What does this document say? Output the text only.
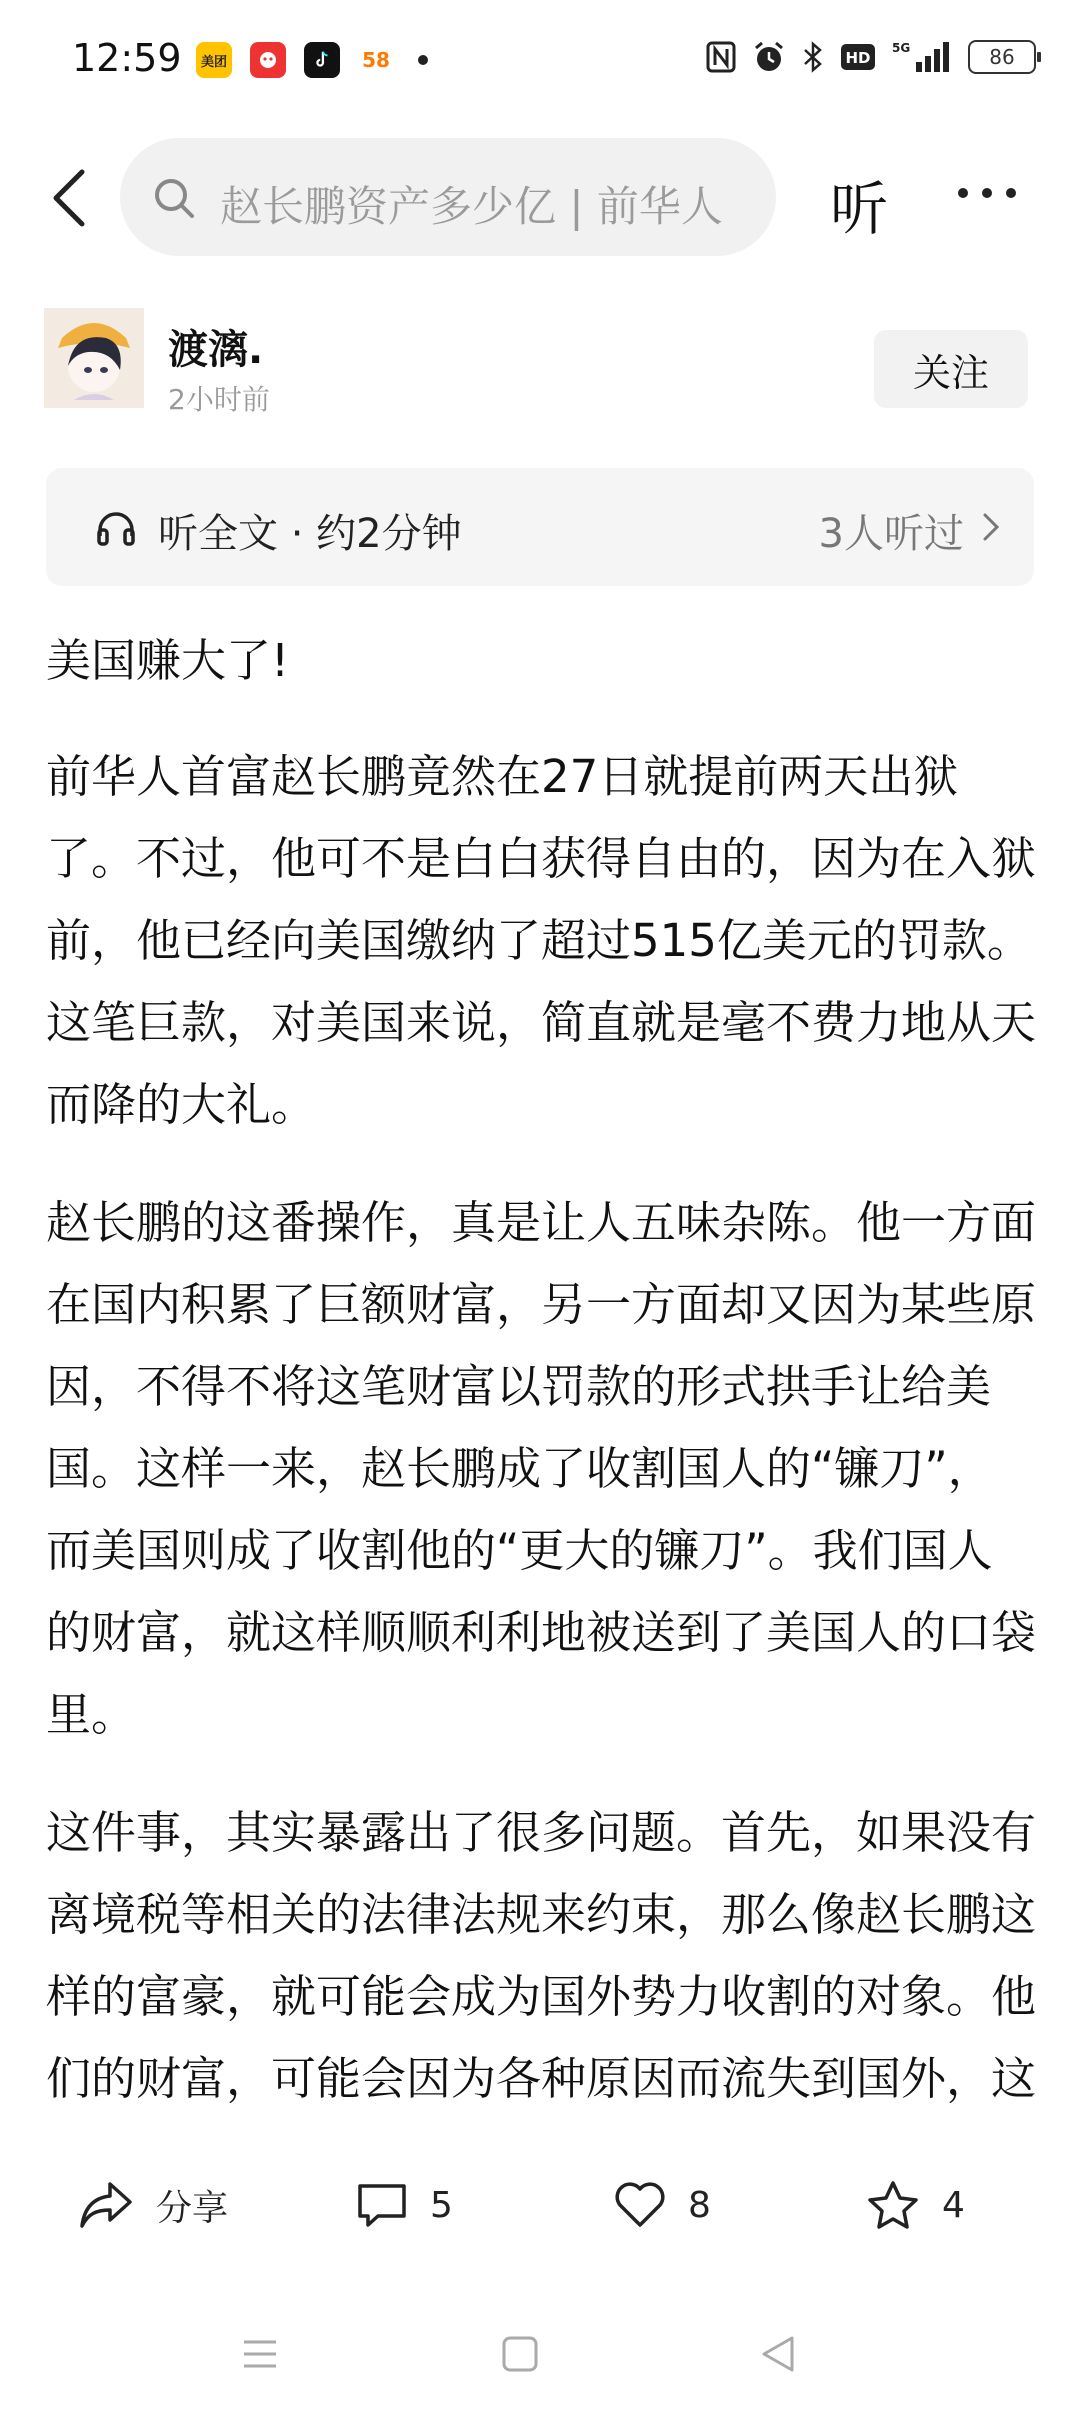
12:59	美团	58	HD
5G	86
赵长鹏资产多少亿 | 前华人	听
渡漓.
2小时前
关注
听全文 · 约2分钟	3人听过

美国赚大了!

前华人首富赵长鹏竟然在27日就提前两天出狱了。不过，他可不是白白获得自由的，因为在入狱前，他已经向美国缴纳了超过515亿美元的罚款。这笔巨款，对美国来说，简直就是毫不费力地从天而降的大礼。

赵长鹏的这番操作，真是让人五味杂陈。他一方面在国内积累了巨额财富，另一方面却又因为某些原因，不得不将这笔财富以罚款的形式拱手让给美国。这样一来，赵长鹏成了收割国人的“镰刀”，而美国则成了收割他的“更大的镰刀”。我们国人的财富，就这样顺顺利利地被送到了美国人的口袋里。

这件事，其实暴露出了很多问题。首先，如果没有离境税等相关的法律法规来约束，那么像赵长鹏这样的富豪，就可能会成为国外势力收割的对象。他们的财富，可能会因为各种原因而流失到国外，这

分享	5	8	4
